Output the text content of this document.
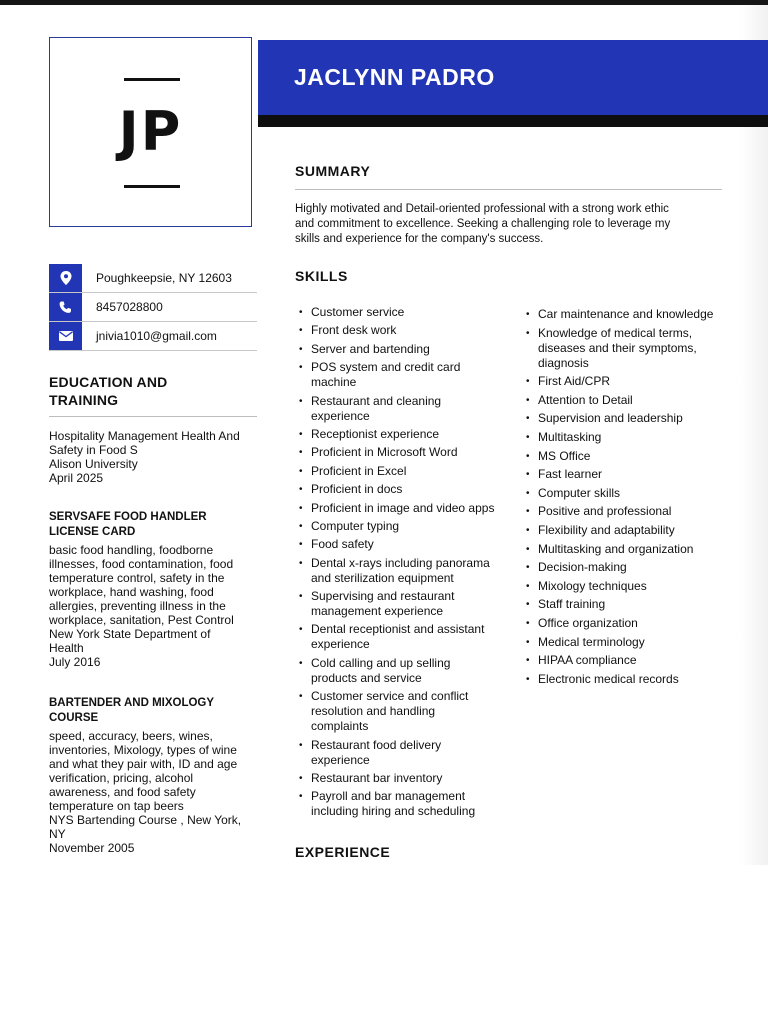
JP
JACLYNN PADRO
Poughkeepsie, NY 12603
8457028800
jnivia1010@gmail.com
EDUCATION AND
TRAINING
Hospitality Management Health And
Safety in Food S
Alison University
April 2025
SERVSAFE FOOD HANDLER
LICENSE CARD
basic food handling, foodborne
illnesses, food contamination, food
temperature control, safety in the
workplace, hand washing, food
allergies, preventing illness in the
workplace, sanitation, Pest Control
New York State Department of
Health
July 2016
BARTENDER AND MIXOLOGY
COURSE
speed, accuracy, beers, wines,
inventories, Mixology, types of wine
and what they pair with, ID and age
verification, pricing, alcohol
awareness, and food safety
temperature on tap beers
NYS Bartending Course , New York,
NY
November 2005
SUMMARY
Highly motivated and Detail-oriented professional with a strong work ethic
and commitment to excellence. Seeking a challenging role to leverage my
skills and experience for the company's success.
SKILLS
• Customer service
• Front desk work
• Server and bartending
• POS system and credit card
machine
• Restaurant and cleaning
experience
• Receptionist experience
• Proficient in Microsoft Word
• Proficient in Excel
• Proficient in docs
• Proficient in image and video apps
• Computer typing
• Food safety
• Dental x-rays including panorama
and sterilization equipment
• Supervising and restaurant
management experience
• Dental receptionist and assistant
experience
• Cold calling and up selling
products and service
• Customer service and conflict
resolution and handling
complaints
• Restaurant food delivery
experience
• Restaurant bar inventory
• Payroll and bar management
including hiring and scheduling
• Car maintenance and knowledge
• Knowledge of medical terms,
diseases and their symptoms,
diagnosis
• First Aid/CPR
• Attention to Detail
• Supervision and leadership
• Multitasking
• MS Office
• Fast learner
• Computer skills
• Positive and professional
• Flexibility and adaptability
• Multitasking and organization
• Decision-making
• Mixology techniques
• Staff training
• Office organization
• Medical terminology
• HIPAA compliance
• Electronic medical records
EXPERIENCE
